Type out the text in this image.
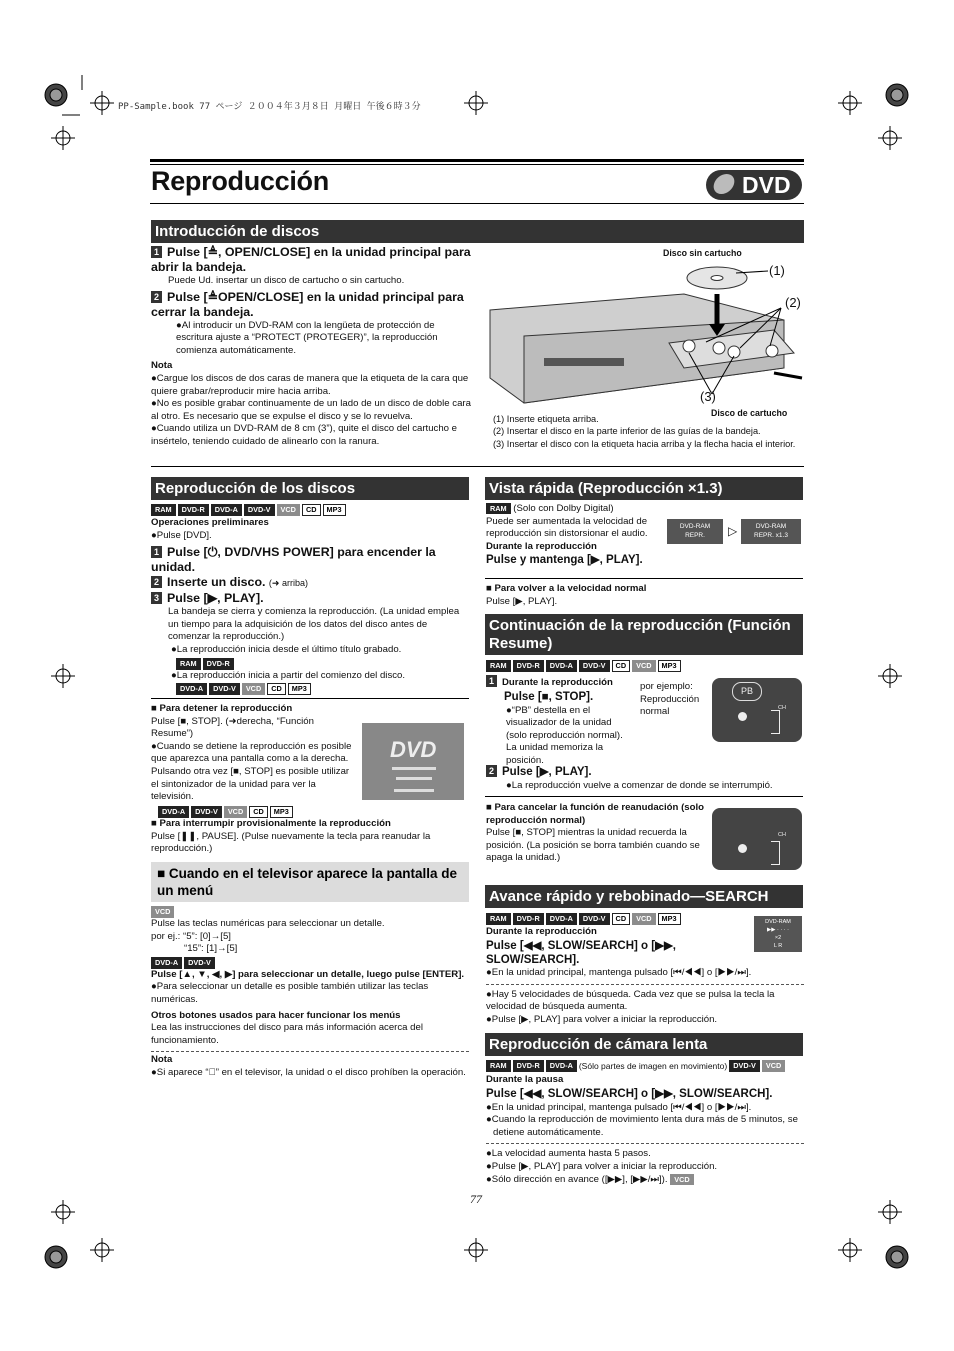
PP-Sample.book 77 ページ ２００４年３月８日 月曜日 午後６時３分
Reproducción	DVD
Introducción de discos
1 Pulse [≜, OPEN/CLOSE] en la unidad principal para abrir la bandeja.
Puede Ud. insertar un disco de cartucho o sin cartucho.
2 Pulse [≜OPEN/CLOSE] en la unidad principal para cerrar la bandeja.
●Al introducir un DVD-RAM con la lengüeta de protección de escritura ajuste a “PROTECT (PROTEGER)”, la reproducción comienza automáticamente.
Nota
●Cargue los discos de dos caras de manera que la etiqueta de la cara que quiere grabar/reproducir mire hacia arriba.
●No es posible grabar continuamente de un lado de un disco de doble cara al otro. Es necesario que se expulse el disco y se lo revuelva.
●Cuando utiliza un DVD-RAM de 8 cm (3”), quite el disco del cartucho e insértelo, teniendo cuidado de alinearlo con la ranura.
Disco sin cartucho
(1)
(2)
(3)
Disco de cartucho
(1) Inserte etiqueta arriba.
(2) Insertar el disco en la parte inferior de las guías de la bandeja.
(3) Insertar el disco con la etiqueta hacia arriba y la flecha hacia el interior.
Reproducción de los discos
RAM	DVD-R	DVD-A	DVD-V	VCD	CD	MP3
Operaciones preliminares
●Pulse [DVD].
1 Pulse [⏻, DVD/VHS POWER] para encender la unidad.
2 Inserte un disco. (➜ arriba)
3 Pulse [▶, PLAY].
La bandeja se cierra y comienza la reproducción. (La unidad emplea un tiempo para la adquisición de los datos del disco antes de comenzar la reproducción.)
●La reproducción inicia desde el último título grabado.
RAM	DVD-R
●La reproducción inicia a partir del comienzo del disco.
DVD-A	DVD-V	VCD	CD	MP3
■ Para detener la reproducción
Pulse [■, STOP]. (➜derecha, “Función Resume”)
●Cuando se detiene la reproducción es posible que aparezca una pantalla como a la derecha. Pulsando otra vez [■, STOP] es posible utilizar el sintonizador de la unidad para ver la televisión.
DVD-A	DVD-V	VCD	CD	MP3
DVD
■ Para interrumpir provisionalmente la reproducción
Pulse [❚❚, PAUSE]. (Pulse nuevamente la tecla para reanudar la reproducción.)
■ Cuando en el televisor aparece la pantalla de un menú
VCD
Pulse las teclas numéricas para seleccionar un detalle.
por ej.: “5”: [0]→[5]
“15”: [1]→[5]
DVD-A	DVD-V
Pulse [▲, ▼, ◀, ▶] para seleccionar un detalle, luego pulse [ENTER].
●Para seleccionar un detalle es posible también utilizar las teclas numéricas.
Otros botones usados para hacer funcionar los menús
Lea las instrucciones del disco para más información acerca del funcionamiento.
Nota
●Si aparece “⃠” en el televisor, la unidad o el disco prohíben la operación.
Vista rápida (Reproducción ×1.3)
RAM (Solo con Dolby Digital)
Puede ser aumentada la velocidad de reproducción sin distorsionar el audio.
Durante la reproducción
Pulse y mantenga [▶, PLAY].
DVD-RAM
REPR.	▷	DVD-RAM
REPR. x1.3
■ Para volver a la velocidad normal
Pulse [▶, PLAY].
Continuación de la reproducción (Función Resume)
RAM	DVD-R	DVD-A	DVD-V	CD	VCD	MP3
1 Durante la reproducción
Pulse [■, STOP].
●“PB” destella en el visualizador de la unidad (solo reproducción normal). La unidad memoriza la posición.
por ejemplo: Reproducción normal
PB
CH
2 Pulse [▶, PLAY].
●La reproducción vuelve a comenzar de donde se interrumpió.
■ Para cancelar la función de reanudación (solo reproducción normal)
Pulse [■, STOP] mientras la unidad recuerda la posición. (La posición se borra también cuando se apaga la unidad.)
CH
Avance rápido y rebobinado—SEARCH
RAM	DVD-R	DVD-A	DVD-V	CD	VCD	MP3
Durante la reproducción
Pulse [◀◀, SLOW/SEARCH] o [▶▶, SLOW/SEARCH].
DVD-RAM
▶▶ · · · ·
×2
L R
●En la unidad principal, mantenga pulsado [⏮/◀◀] o [▶▶/⏭].
●Hay 5 velocidades de búsqueda. Cada vez que se pulsa la tecla la velocidad de búsqueda aumenta.
●Pulse [▶, PLAY] para volver a iniciar la reproducción.
Reproducción de cámara lenta
RAM	DVD-R	DVD-A (Sólo partes de imagen en movimiento) DVD-V	VCD
Durante la pausa
Pulse [◀◀, SLOW/SEARCH] o [▶▶, SLOW/SEARCH].
●En la unidad principal, mantenga pulsado [⏮/◀◀] o [▶▶/⏭].
●Cuando la reproducción de movimiento lenta dura más de 5 minutos, se detiene automáticamente.
●La velocidad aumenta hasta 5 pasos.
●Pulse [▶, PLAY] para volver a iniciar la reproducción.
●Sólo dirección en avance ([▶▶], [▶▶/⏭]). VCD
77
